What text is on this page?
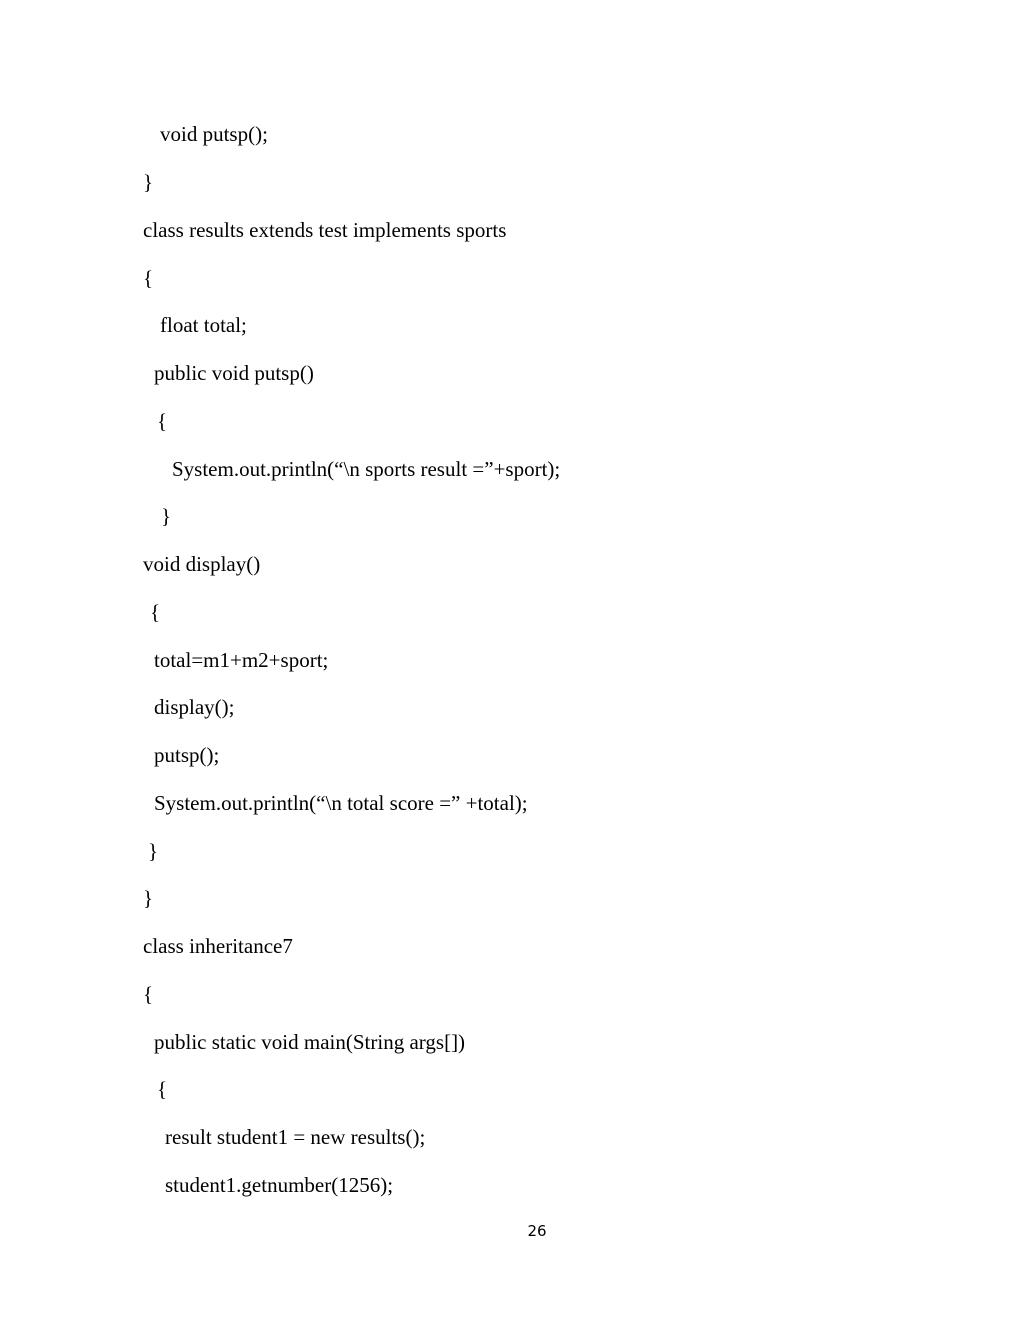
void putsp();
}
class results extends test implements sports
{
float total;
public void putsp()
{
System.out.println(“\n sports result =”+sport);
}
void display()
{
total=m1+m2+sport;
display();
putsp();
System.out.println(“\n total score =” +total);
}
}
class inheritance7
{
public static void main(String args[])
{
result student1 = new results();
student1.getnumber(1256);
26
